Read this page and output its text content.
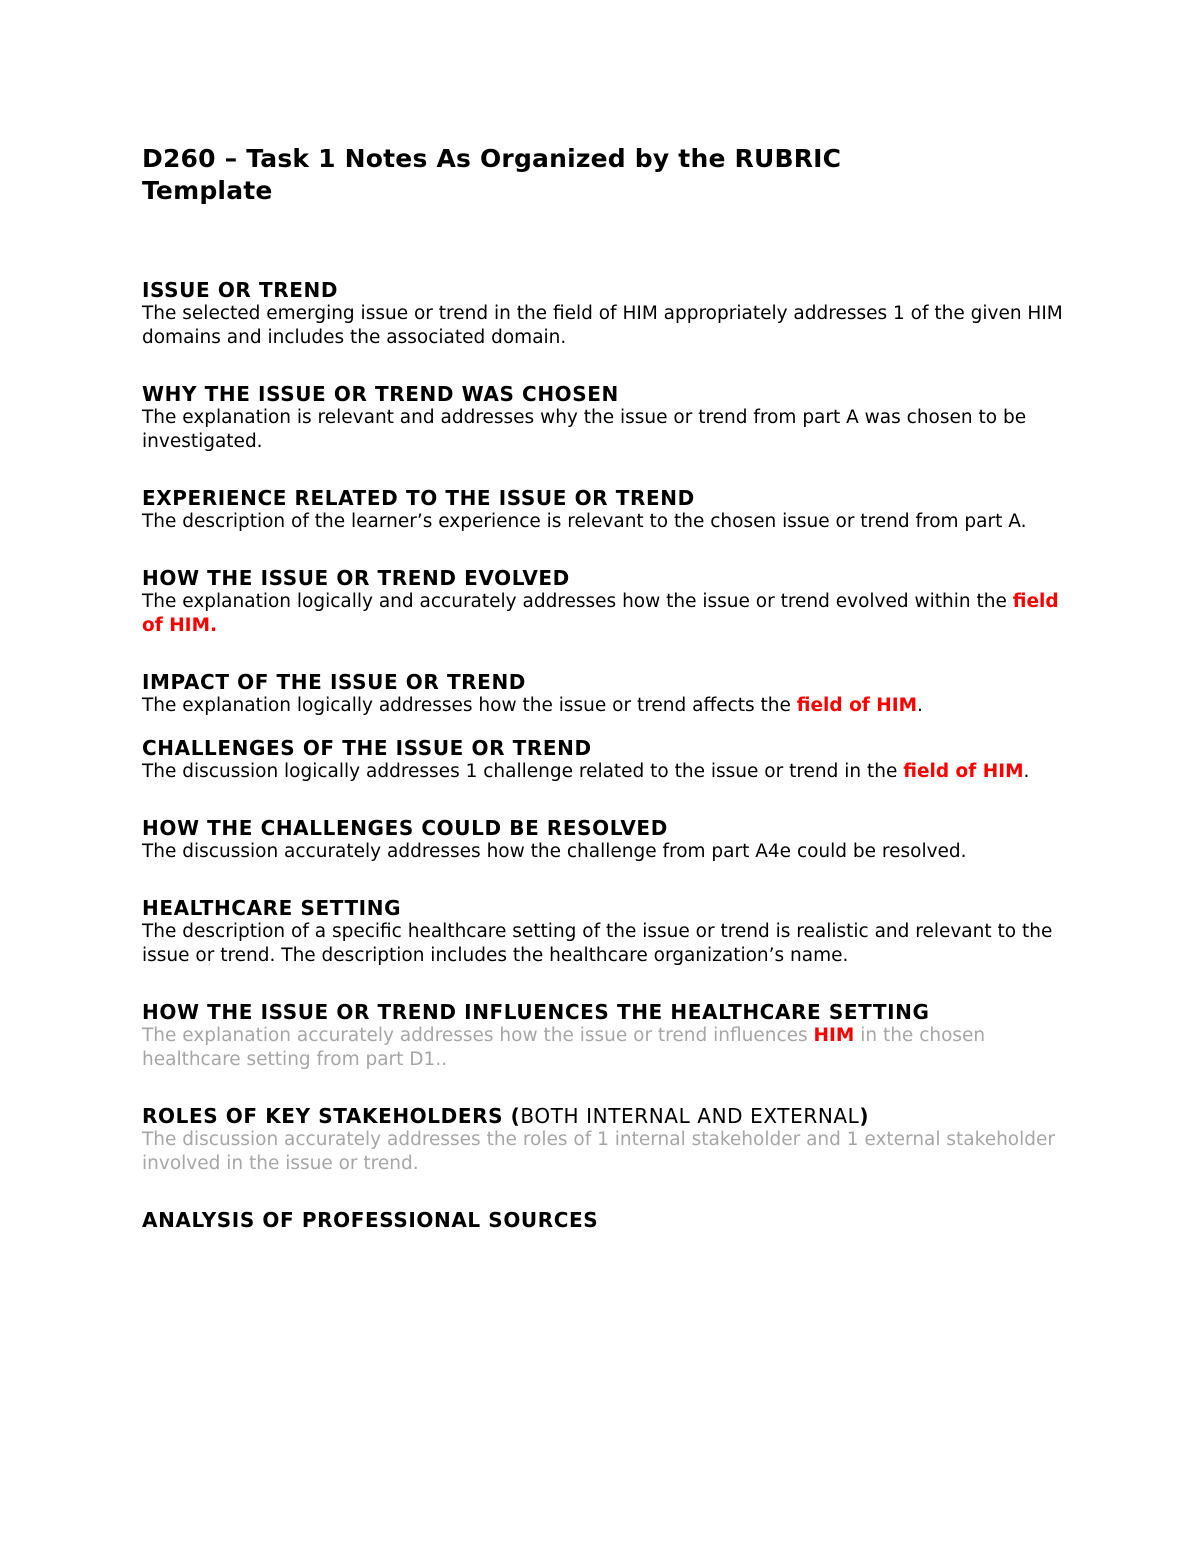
D260 – Task 1 Notes As Organized by the RUBRIC
Template

ISSUE OR TREND

The selected emerging issue or trend in the field of HIM appropriately addresses 1 of the given HIM domains and includes the associated domain.

WHY THE ISSUE OR TREND WAS CHOSEN

The explanation is relevant and addresses why the issue or trend from part A was chosen to be investigated.

EXPERIENCE RELATED TO THE ISSUE OR TREND

The description of the learner’s experience is relevant to the chosen issue or trend from part A.

HOW THE ISSUE OR TREND EVOLVED

The explanation logically and accurately addresses how the issue or trend evolved within the field of HIM.

IMPACT OF THE ISSUE OR TREND

The explanation logically addresses how the issue or trend affects the field of HIM.

CHALLENGES OF THE ISSUE OR TREND

The discussion logically addresses 1 challenge related to the issue or trend in the field of HIM.

HOW THE CHALLENGES COULD BE RESOLVED

The discussion accurately addresses how the challenge from part A4e could be resolved.

HEALTHCARE SETTING

The description of a specific healthcare setting of the issue or trend is realistic and relevant to the issue or trend. The description includes the healthcare organization’s name.

HOW THE ISSUE OR TREND INFLUENCES THE HEALTHCARE SETTING

The explanation accurately addresses how the issue or trend influences HIM in the chosen healthcare setting from part D1..

ROLES OF KEY STAKEHOLDERS (BOTH INTERNAL AND EXTERNAL)

The discussion accurately addresses the roles of 1 internal stakeholder and 1 external stakeholder involved in the issue or trend.

ANALYSIS OF PROFESSIONAL SOURCES
